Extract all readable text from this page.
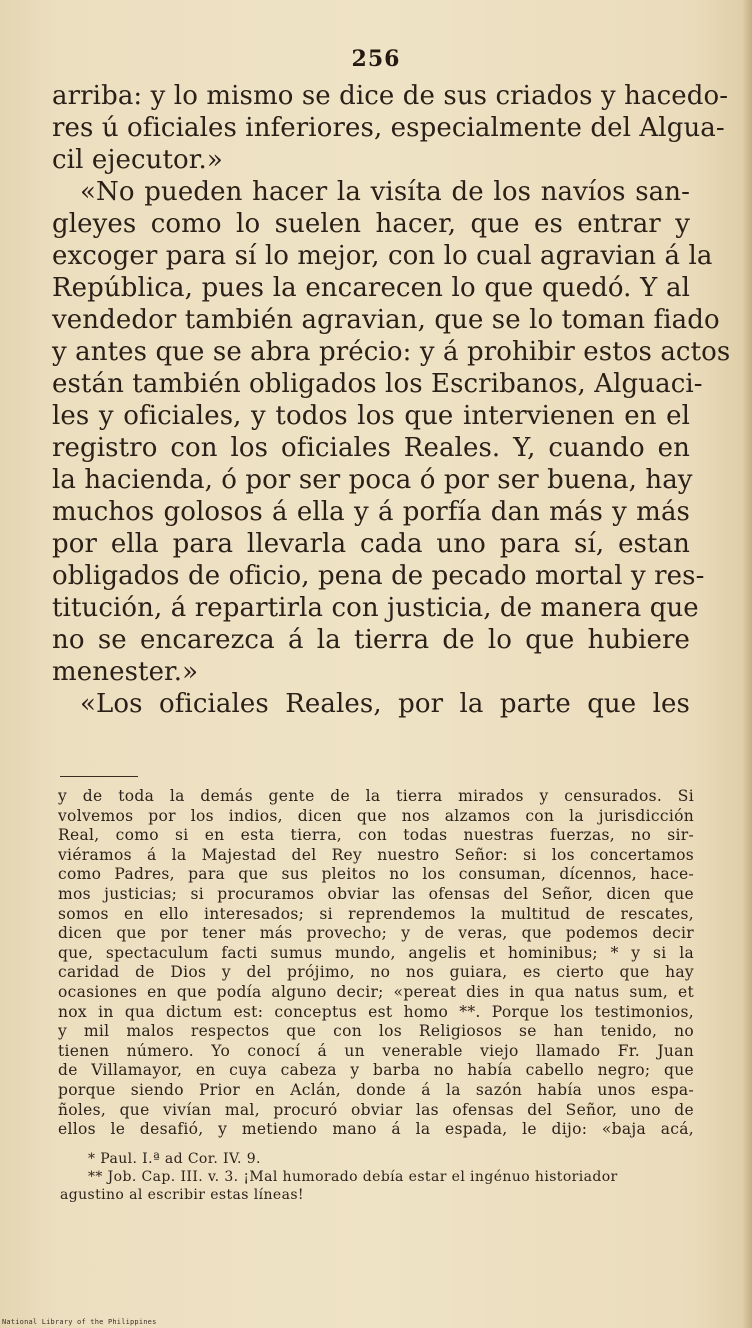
256
arriba: y lo mismo se dice de sus criados y hacedo-
res ú oficiales inferiores, especialmente del Algua-
cil ejecutor.»
«No pueden hacer la visíta de los navíos san-
gleyes como lo suelen hacer, que es entrar y
excoger para sí lo mejor, con lo cual agravian á la
República, pues la encarecen lo que quedó. Y al
vendedor también agravian, que se lo toman fiado
y antes que se abra précio: y á prohibir estos actos
están también obligados los Escribanos, Alguaci-
les y oficiales, y todos los que intervienen en el
registro con los oficiales Reales. Y, cuando en
la hacienda, ó por ser poca ó por ser buena, hay
muchos golosos á ella y á porfía dan más y más
por ella para llevarla cada uno para sí, estan
obligados de oficio, pena de pecado mortal y res-
titución, á repartirla con justicia, de manera que
no se encarezca á la tierra de lo que hubiere
menester.»
«Los oficiales Reales, por la parte que les
y de toda la demás gente de la tierra mirados y censurados. Si
volvemos por los indios, dicen que nos alzamos con la jurisdicción
Real, como si en esta tierra, con todas nuestras fuerzas, no sir-
viéramos á la Majestad del Rey nuestro Señor: si los concertamos
como Padres, para que sus pleitos no los consuman, dícennos, hace-
mos justicias; si procuramos obviar las ofensas del Señor, dicen que
somos en ello interesados; si reprendemos la multitud de rescates,
dicen que por tener más provecho; y de veras, que podemos decir
que, spectaculum facti sumus mundo, angelis et hominibus; * y si la
caridad de Dios y del prójimo, no nos guiara, es cierto que hay
ocasiones en que podía alguno decir; «pereat dies in qua natus sum, et
nox in qua dictum est: conceptus est homo **. Porque los testimonios,
y mil malos respectos que con los Religiosos se han tenido, no
tienen número. Yo conocí á un venerable viejo llamado Fr. Juan
de Villamayor, en cuya cabeza y barba no había cabello negro; que
porque siendo Prior en Aclán, donde á la sazón había unos espa-
ñoles, que vivían mal, procuró obviar las ofensas del Señor, uno de
ellos le desafió, y metiendo mano á la espada, le dijo: «baja acá,
* Paul. I.ª ad Cor. IV. 9.
** Job. Cap. III. v. 3. ¡Mal humorado debía estar el ingénuo historiador
agustino al escribir estas líneas!
National Library of the Philippines
